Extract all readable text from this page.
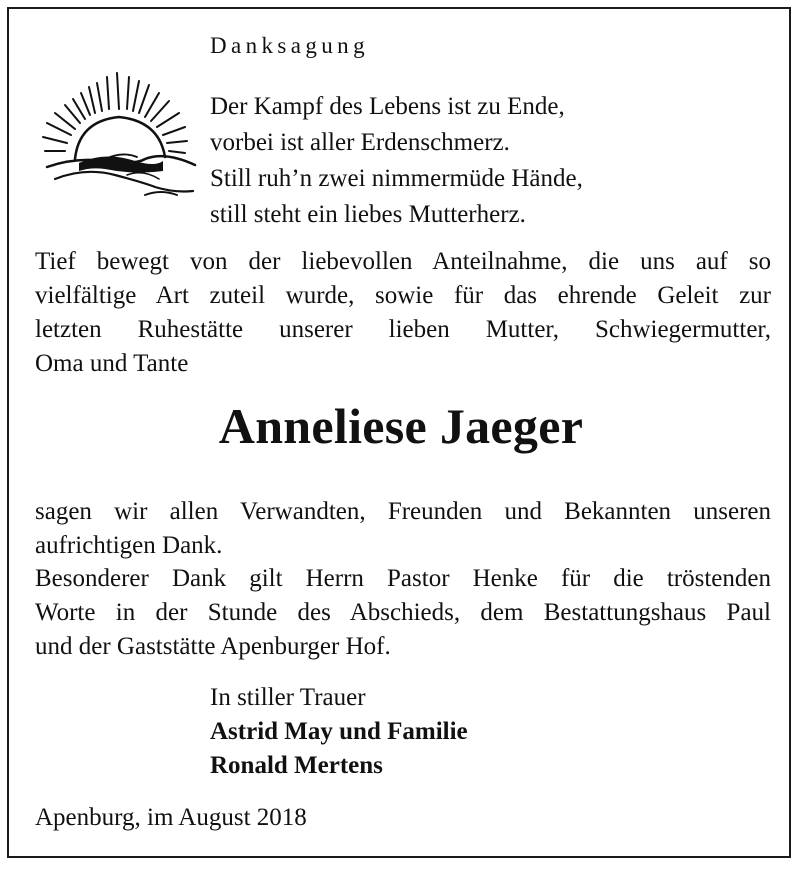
Danksagung
Der Kampf des Lebens ist zu Ende,
vorbei ist aller Erdenschmerz.
Still ruh’n zwei nimmermüde Hände,
still steht ein liebes Mutterherz.
Tief bewegt von der liebevollen Anteilnahme, die uns auf so
vielfältige Art zuteil wurde, sowie für das ehrende Geleit zur
letzten Ruhestätte unserer lieben Mutter, Schwiegermutter,
Oma und Tante
Anneliese Jaeger
sagen wir allen Verwandten, Freunden und Bekannten unseren
aufrichtigen Dank.
Besonderer Dank gilt Herrn Pastor Henke für die tröstenden
Worte in der Stunde des Abschieds, dem Bestattungshaus Paul
und der Gaststätte Apenburger Hof.
In stiller Trauer
Astrid May und Familie
Ronald Mertens
Apenburg, im August 2018
